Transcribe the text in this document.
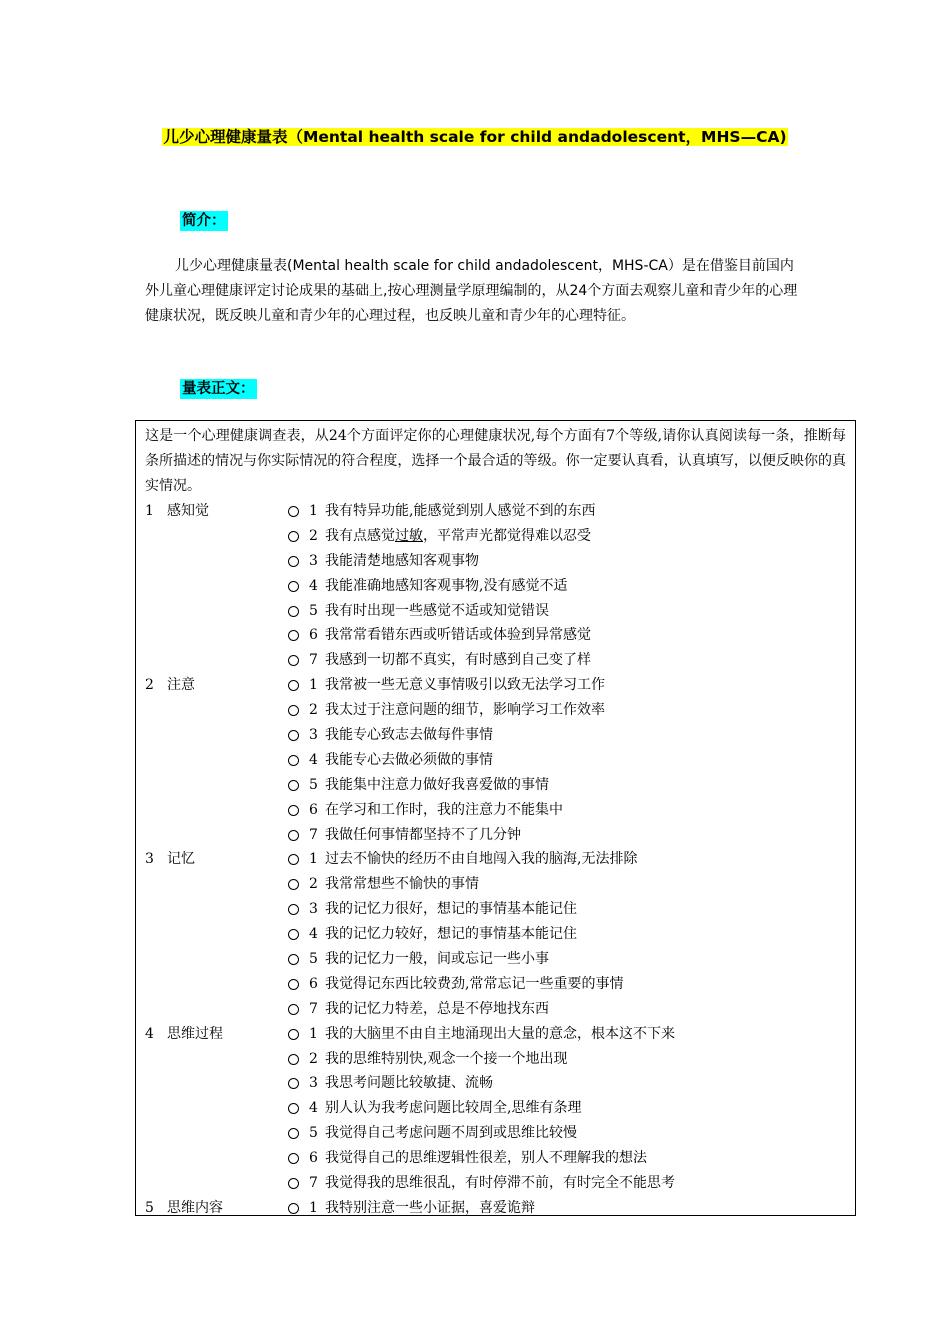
儿少心理健康量表（Mental health scale for child andadolescent，MHS—CA)
简介：
儿少心理健康量表(Mental health scale for child andadolescent，MHS-CA）是在借鉴目前国内外儿童心理健康评定讨论成果的基础上,按心理测量学原理编制的，从24个方面去观察儿童和青少年的心理健康状况，既反映儿童和青少年的心理过程，也反映儿童和青少年的心理特征。
量表正文：
这是一个心理健康调查表，从24个方面评定你的心理健康状况,每个方面有7个等级,请你认真阅读每一条，推断每条所描述的情况与你实际情况的符合程度，选择一个最合适的等级。你一定要认真看，认真填写，以便反映你的真实情况。
1 感知觉	1 我有特异功能,能感觉到别人感觉不到的东西
2 我有点感觉过敏，平常声光都觉得难以忍受
3 我能清楚地感知客观事物
4 我能准确地感知客观事物,没有感觉不适
5 我有时出现一些感觉不适或知觉错误
6 我常常看错东西或听错话或体验到异常感觉
7 我感到一切都不真实，有时感到自己变了样
2 注意	1 我常被一些无意义事情吸引以致无法学习工作
2 我太过于注意问题的细节，影响学习工作效率
3 我能专心致志去做每件事情
4 我能专心去做必须做的事情
5 我能集中注意力做好我喜爱做的事情
6 在学习和工作时，我的注意力不能集中
7 我做任何事情都坚持不了几分钟
3 记忆	1 过去不愉快的经历不由自地闯入我的脑海,无法排除
2 我常常想些不愉快的事情
3 我的记忆力很好，想记的事情基本能记住
4 我的记忆力较好，想记的事情基本能记住
5 我的记忆力一般，间或忘记一些小事
6 我觉得记东西比较费劲,常常忘记一些重要的事情
7 我的记忆力特差，总是不停地找东西
4 思维过程	1 我的大脑里不由自主地涌现出大量的意念，根本这不下来
2 我的思维特别快,观念一个接一个地出现
3 我思考问题比较敏捷、流畅
4 别人认为我考虑问题比较周全,思维有条理
5 我觉得自己考虑问题不周到或思维比较慢
6 我觉得自己的思维逻辑性很差，别人不理解我的想法
7 我觉得我的思维很乱，有时停滞不前，有时完全不能思考
5 思维内容	1 我特别注意一些小证据，喜爱诡辩
